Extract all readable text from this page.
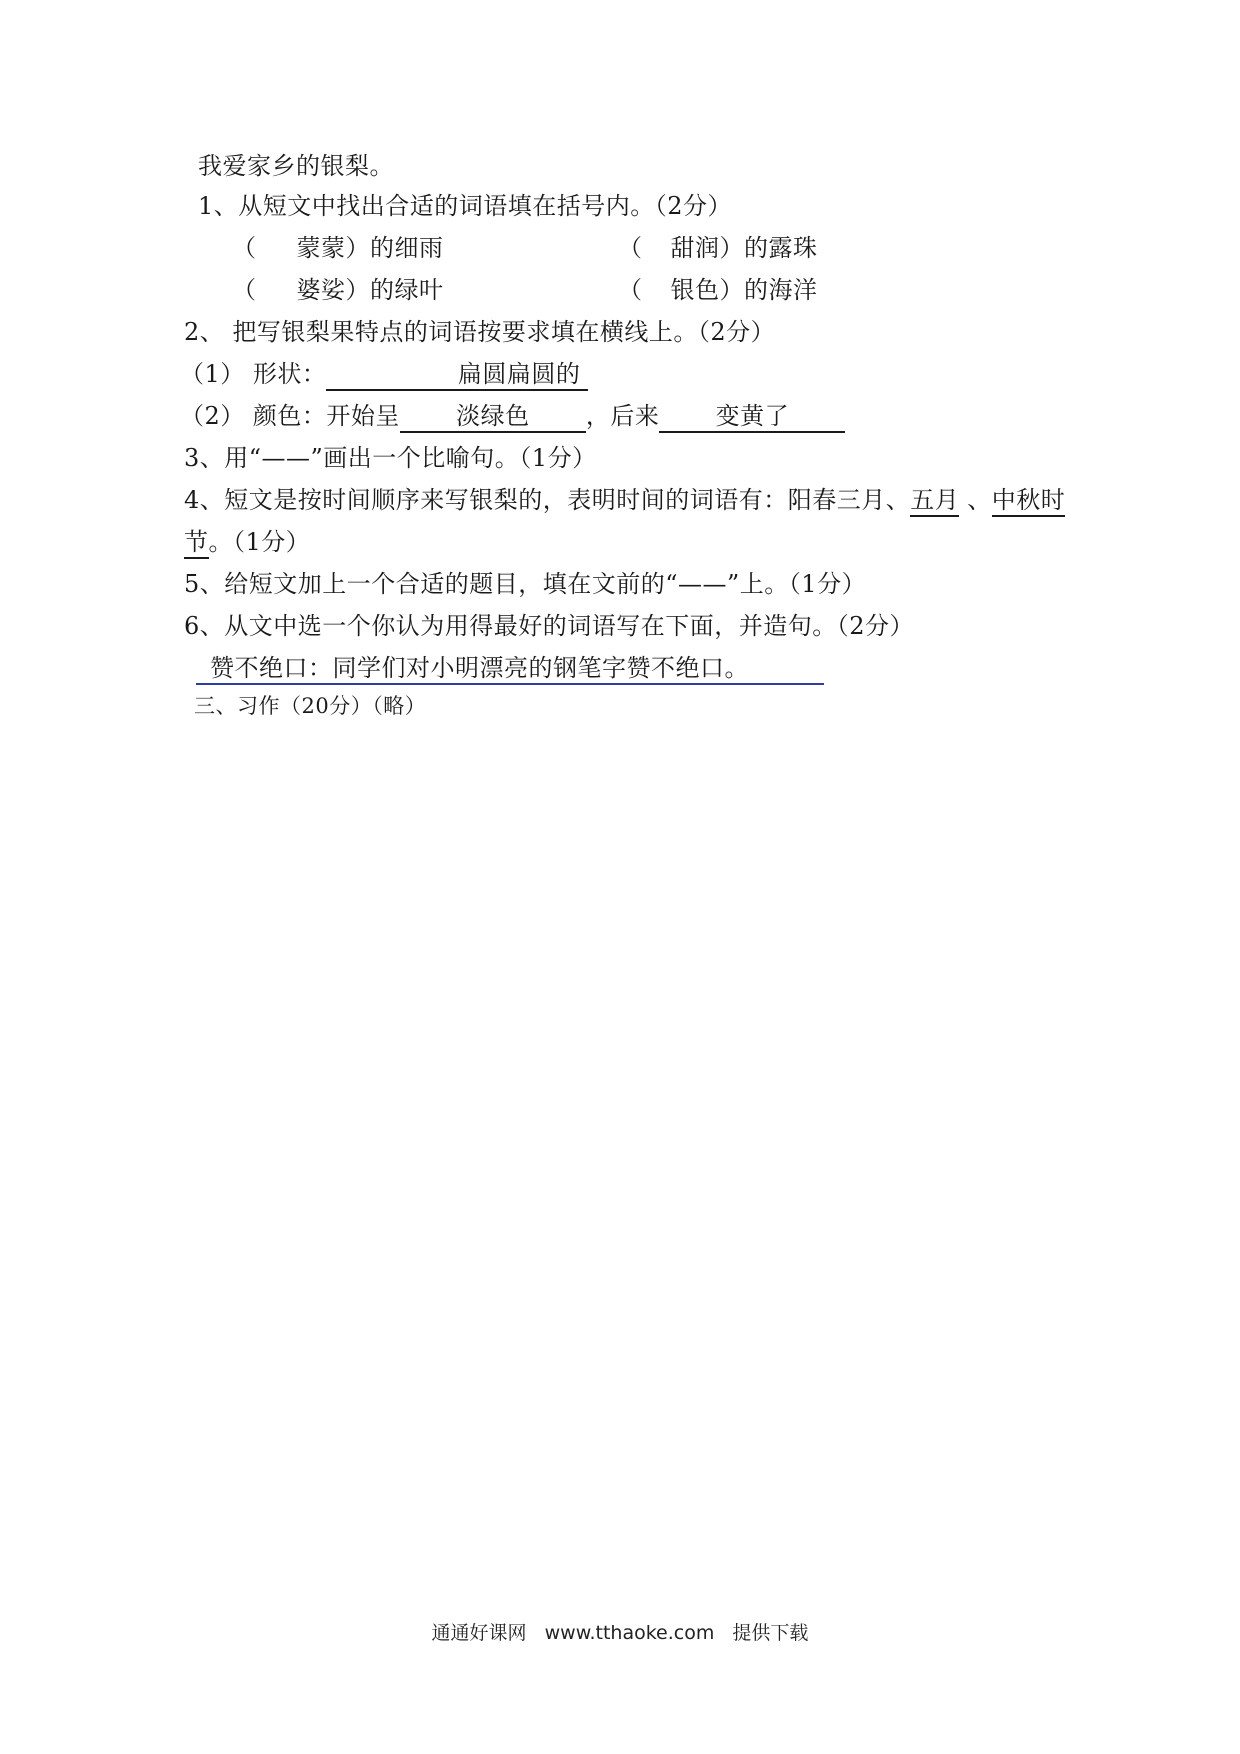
我爱家乡的银梨。
1、从短文中找出合适的词语填在括号内。（2分）
（ 蒙蒙）的细雨	（ 甜润）的露珠
（ 婆娑）的绿叶	（ 银色）的海洋
2、 把写银梨果特点的词语按要求填在横线上。（2分）
（1） 形状：	扁圆扁圆的
（2） 颜色：开始呈 淡绿色 ，后来 变黄了
3、用“——”画出一个比喻句。（1分）
4、短文是按时间顺序来写银梨的，表明时间的词语有：阳春三月、五月 、中秋时
节。（1分）
5、给短文加上一个合适的题目，填在文前的“——”上。（1分）
6、从文中选一个你认为用得最好的词语写在下面，并造句。（2分）
赞不绝口：同学们对小明漂亮的钢笔字赞不绝口。
三、习作（20分）（略）
通通好课网 www.tthaoke.com 提供下载
